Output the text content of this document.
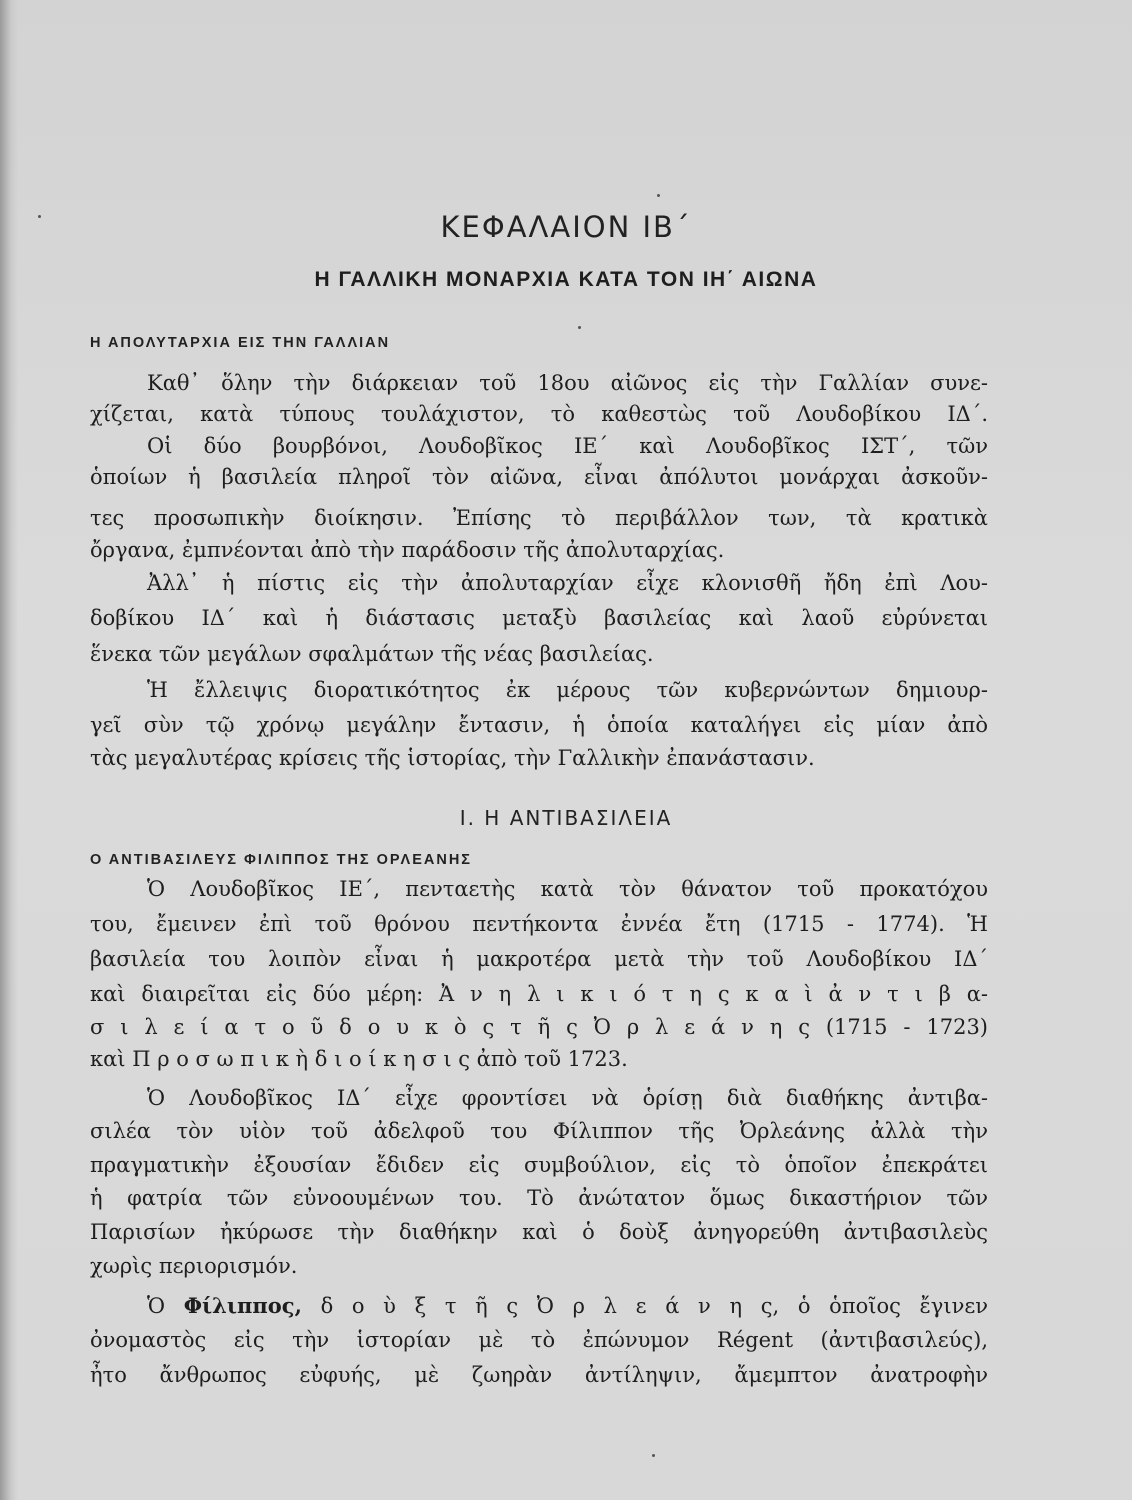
ΚΕΦΑΛΑΙΟΝ ΙΒ΄
Η ΓΑΛΛΙΚΗ ΜΟΝΑΡΧΙΑ ΚΑΤΑ ΤΟΝ ΙΗ΄ ΑΙΩΝΑ
Η ΑΠΟΛΥΤΑΡΧΙΑ ΕΙΣ ΤΗΝ ΓΑΛΛΙΑΝ
Καθ᾽ ὅλην τὴν διάρκειαν τοῦ 18ου αἰῶνος εἰς τὴν Γαλλίαν συνε-
χίζεται, κατὰ τύπους τουλάχιστον, τὸ καθεστὼς τοῦ Λουδοβίκου ΙΔ΄.
Οἱ δύο βουρβόνοι, Λουδοβῖκος ΙΕ΄ καὶ Λουδοβῖκος ΙΣΤ΄, τῶν
ὁποίων ἡ βασιλεία πληροῖ τὸν αἰῶνα, εἶναι ἀπόλυτοι μονάρχαι ἀσκοῦν-
τες προσωπικὴν διοίκησιν. Ἐπίσης τὸ περιβάλλον των, τὰ κρατικὰ
ὄργανα, ἐμπνέονται ἀπὸ τὴν παράδοσιν τῆς ἀπολυταρχίας.
Ἀλλ᾽ ἡ πίστις εἰς τὴν ἀπολυταρχίαν εἶχε κλονισθῆ ἤδη ἐπὶ Λου-
δοβίκου ΙΔ΄ καὶ ἡ διάστασις μεταξὺ βασιλείας καὶ λαοῦ εὐρύνεται
ἕνεκα τῶν μεγάλων σφαλμάτων τῆς νέας βασιλείας.
Ἡ ἔλλειψις διορατικότητος ἐκ μέρους τῶν κυβερνώντων δημιουρ-
γεῖ σὺν τῷ χρόνῳ μεγάλην ἔντασιν, ἡ ὁποία καταλήγει εἰς μίαν ἀπὸ
τὰς μεγαλυτέρας κρίσεις τῆς ἱστορίας, τὴν Γαλλικὴν ἐπανάστασιν.
Ι. Η ΑΝΤΙΒΑΣΙΛΕΙΑ
Ο ΑΝΤΙΒΑΣΙΛΕΥΣ ΦΙΛΙΠΠΟΣ ΤΗΣ ΟΡΛΕΑΝΗΣ
Ὁ Λουδοβῖκος ΙΕ΄, πενταετὴς κατὰ τὸν θάνατον τοῦ προκατόχου
του, ἔμεινεν ἐπὶ τοῦ θρόνου πεντήκοντα ἐννέα ἔτη (1715 - 1774). Ἡ
βασιλεία του λοιπὸν εἶναι ἡ μακροτέρα μετὰ τὴν τοῦ Λουδοβίκου ΙΔ΄
καὶ διαιρεῖται εἰς δύο μέρη: Ἀ ν η λ ι κ ι ό τ η ς κ α ὶ ἀ ν τ ι β α-
σ ι λ ε ί α τ ο ῦ δ ο υ κ ὸ ς τ ῆ ς Ὀ ρ λ ε ά ν η ς (1715 - 1723)
καὶ Π ρ ο σ ω π ι κ ὴ δ ι ο ί κ η σ ι ς ἀπὸ τοῦ 1723.
Ὁ Λουδοβῖκος ΙΔ΄ εἶχε φροντίσει νὰ ὁρίσῃ διὰ διαθήκης ἀντιβα-
σιλέα τὸν υἱὸν τοῦ ἀδελφοῦ του Φίλιππον τῆς Ὀρλεάνης ἀλλὰ τὴν
πραγματικὴν ἐξουσίαν ἔδιδεν εἰς συμβούλιον, εἰς τὸ ὁποῖον ἐπεκράτει
ἡ φατρία τῶν εὐνοουμένων του. Τὸ ἀνώτατον ὅμως δικαστήριον τῶν
Παρισίων ἠκύρωσε τὴν διαθήκην καὶ ὁ δοὺξ ἀνηγορεύθη ἀντιβασιλεὺς
χωρὶς περιορισμόν.
Ὁ Φίλιππος, δ ο ὺ ξ τ ῆ ς Ὀ ρ λ ε ά ν η ς, ὁ ὁποῖος ἔγινεν
ὀνομαστὸς εἰς τὴν ἱστορίαν μὲ τὸ ἐπώνυμον Régent (ἀντιβασιλεύς),
ἦτο ἄνθρωπος εὐφυής, μὲ ζωηρὰν ἀντίληψιν, ἄμεμπτον ἀνατροφὴν
